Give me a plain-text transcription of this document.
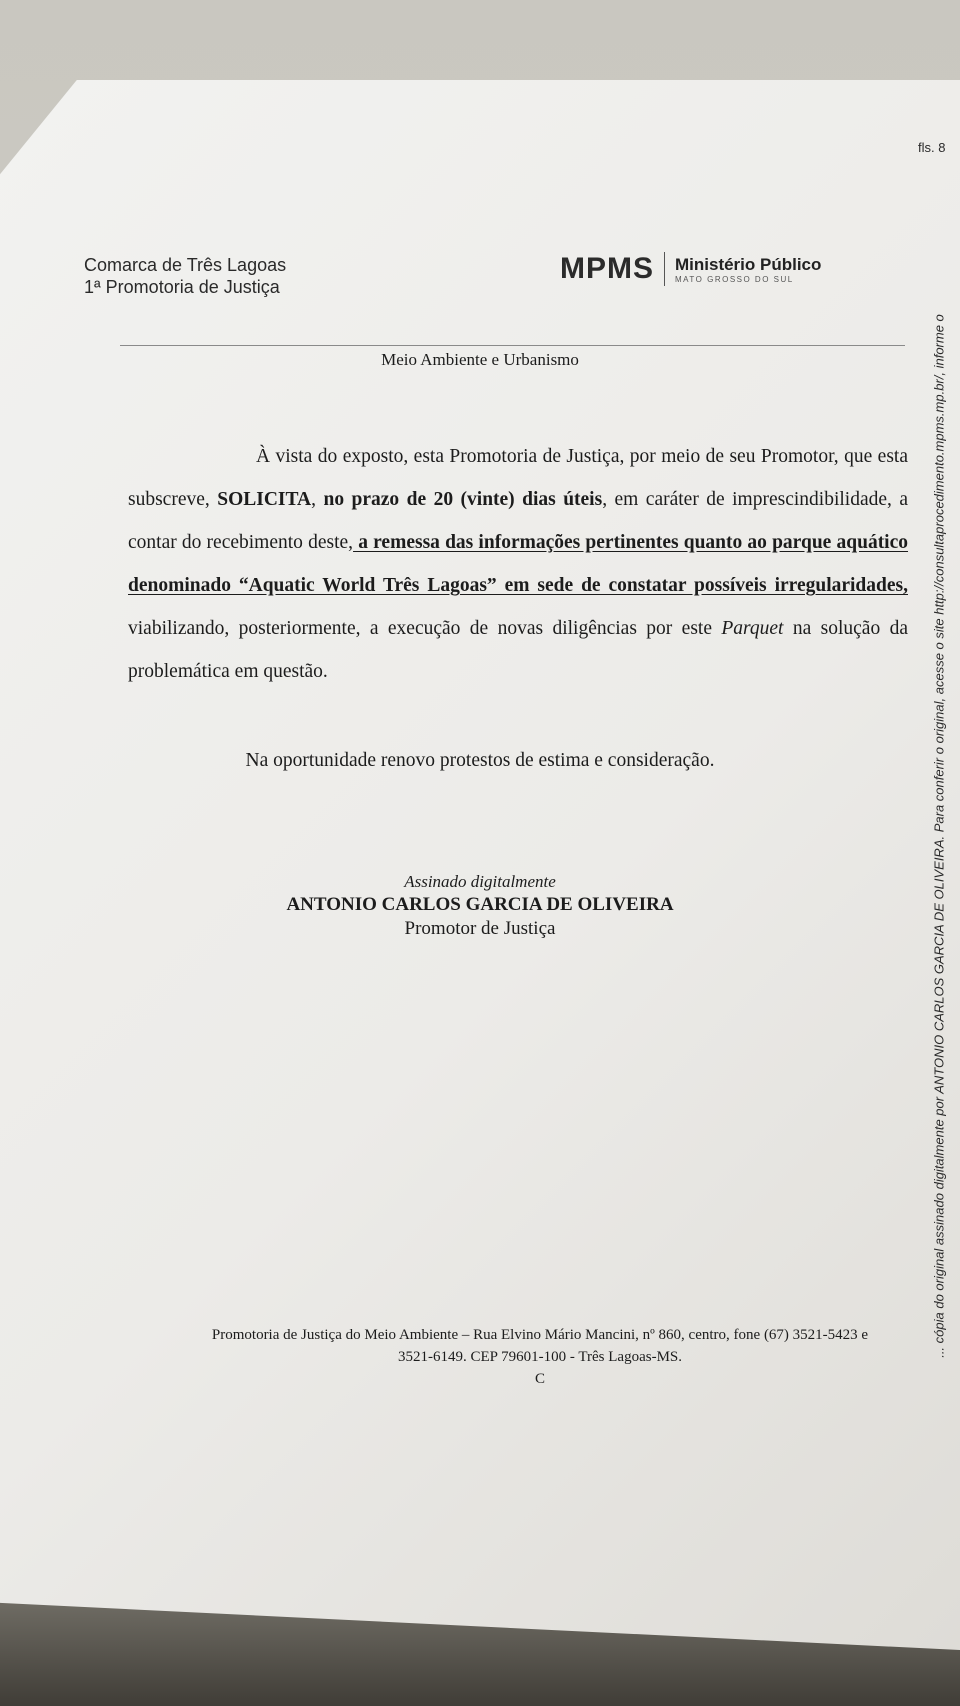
fls. 8
Comarca de Três Lagoas
1ª Promotoria de Justiça
MPMS Ministério Público
MATO GROSSO DO SUL
Meio Ambiente e Urbanismo
À vista do exposto, esta Promotoria de Justiça, por meio de seu Promotor, que esta subscreve, SOLICITA, no prazo de 20 (vinte) dias úteis, em caráter de imprescindibilidade, a contar do recebimento deste, a remessa das informações pertinentes quanto ao parque aquático denominado “Aquatic World Três Lagoas” em sede de constatar possíveis irregularidades, viabilizando, posteriormente, a execução de novas diligências por este Parquet na solução da problemática em questão.
Na oportunidade renovo protestos de estima e consideração.
Assinado digitalmente
ANTONIO CARLOS GARCIA DE OLIVEIRA
Promotor de Justiça
Promotoria de Justiça do Meio Ambiente – Rua Elvino Mário Mancini, nº 860, centro, fone (67) 3521-5423 e
3521-6149. CEP 79601-100 - Três Lagoas-MS.
C
... cópia do original assinado digitalmente por ANTONIO CARLOS GARCIA DE OLIVEIRA. Para conferir o original, acesse o site http://consultaprocedimento.mpms.mp.br/, informe o
